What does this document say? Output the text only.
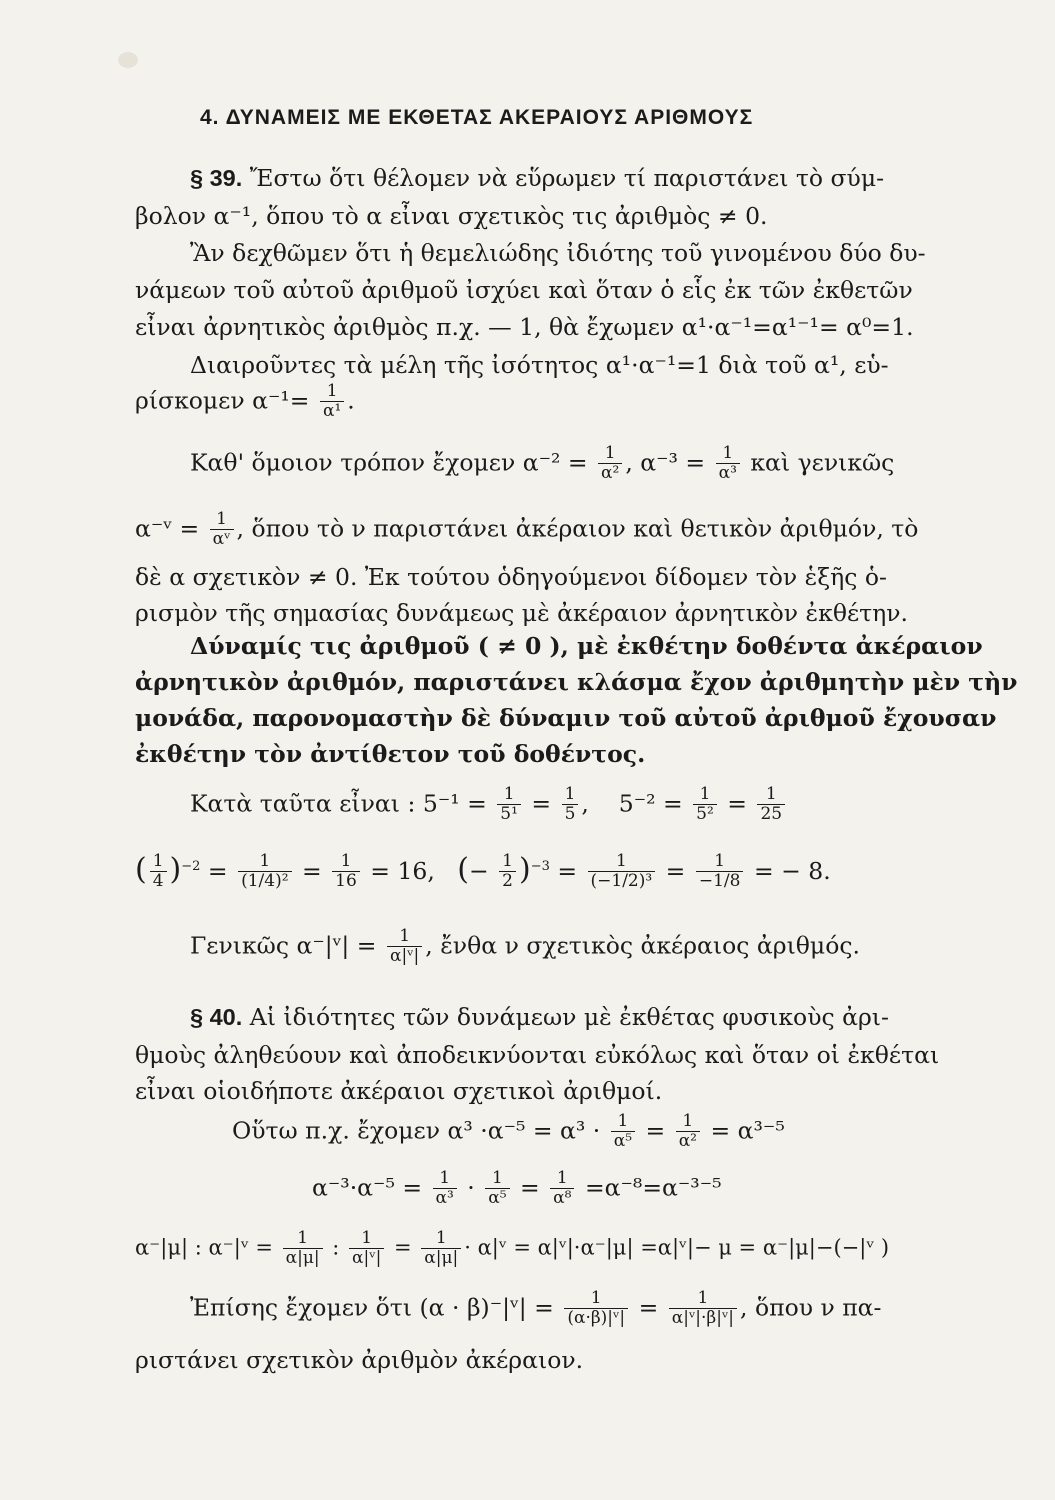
4. ΔΥΝΑΜΕΙΣ ΜΕ ΕΚΘΕΤΑΣ ΑΚΕΡΑΙΟΥΣ ΑΡΙΘΜΟΥΣ
§ 39. Ἔστω ὅτι θέλομεν νὰ εὕρωμεν τί παριστάνει τὸ σύμ-
βολον α⁻¹, ὅπου τὸ α εἶναι σχετικὸς τις ἀριθμὸς ≠ 0.
Ἂν δεχθῶμεν ὅτι ἡ θεμελιώδης ἰδιότης τοῦ γινομένου δύο δυ-
νάμεων τοῦ αὐτοῦ ἀριθμοῦ ἰσχύει καὶ ὅταν ὁ εἷς ἐκ τῶν ἐκθετῶν
εἶναι ἀρνητικὸς ἀριθμὸς π.χ. — 1, θὰ ἔχωμεν α¹·α⁻¹=α¹⁻¹= α⁰=1.
Διαιροῦντες τὰ μέλη τῆς ἰσότητος α¹·α⁻¹=1 διὰ τοῦ α¹, εὑ-
ρίσκομεν $\alpha^{-1}= \frac{1}{\text{α¹}}$ .
Καθ' ὅμοιον τρόπον ἔχομεν $\alpha^{-2} = \frac{1}{\text{α²}}$ , $\alpha^{-3} = \frac{1}{\text{α³}}$ καὶ γενικῶς
α⁻ᵛ = $\frac{1}{\text{αᵛ}}$ , ὅπου τὸ ν παριστάνει ἀκέραιον καὶ θετικὸν ἀριθμόν, τὸ
δὲ α σχετικὸν ≠ 0. Ἐκ τούτου ὁδηγούμενοι δίδομεν τὸν ἑξῆς ὁ-
ρισμὸν τῆς σημασίας δυνάμεως μὲ ἀκέραιον ἀρνητικὸν ἐκθέτην.
Δύναμίς τις ἀριθμοῦ ( ≠ 0 ), μὲ ἐκθέτην δοθέντα ἀκέραιον
ἀρνητικὸν ἀριθμόν, παριστάνει κλάσμα ἔχον ἀριθμητὴν μὲν τὴν
μονάδα, παρονομαστὴν δὲ δύναμιν τοῦ αὐτοῦ ἀριθμοῦ ἔχουσαν
ἐκθέτην τὸν ἀντίθετον τοῦ δοθέντος.
Κατὰ ταῦτα εἶναι : $5^{-1} = \frac{1}{\text{5¹}} = \frac{1}{5}$ ,    $5^{-2} = \frac{1}{\text{5²}} = \frac{1}{25}$
( $\frac{1}{4} )^{-2} = \frac{1}{\text{(1/4)²}} = \frac{1}{16} = 16$, (− $\frac{1}{2} )^{-3} = \frac{1}{\text{(−1/2)³}} = \frac{1}{-1/8}$ = − 8.
Γενικῶς α⁻|ᵛ| = $\frac{1}{\text{α|ᵛ|}}$ , ἔνθα ν σχετικὸς ἀκέραιος ἀριθμός.
§ 40. Αἱ ἰδιότητες τῶν δυνάμεων μὲ ἐκθέτας φυσικοὺς ἀρι-
θμοὺς ἀληθεύουν καὶ ἀποδεικνύονται εὐκόλως καὶ ὅταν οἱ ἐκθέται
εἶναι οἱοιδήποτε ἀκέραιοι σχετικοὶ ἀριθμοί.
Οὕτω π.χ. ἔχομεν $\alpha^3 \cdot\alpha^{-5} = \alpha^3 \cdot \frac{1}{\text{α⁵}} = \frac{1}{\text{α²}} = \alpha^{3-5}$
$\alpha^{-3}\cdot\alpha^{-5} = \frac{1}{\text{α³}} \cdot \frac{1}{\text{α⁵}} = \frac{1}{\text{α⁸}} =\alpha^{-8}=\alpha^{-3-5}$
α⁻|μ| : α⁻|ᵛ = $\frac{1}{\alpha|\mu|}$ : $\frac{1}{\text{α|ᵛ|}} = \frac{1}{\alpha|\mu|}$ · α|ᵛ = α|ᵛ|·α⁻|μ| =α|ᵛ|− μ = α⁻|μ|−(−|ᵛ )
Ἐπίσης ἔχομεν ὅτι (α · β)⁻|ᵛ| = $\frac{1}{\text{(α·β)|ᵛ|}} = \frac{1}{\text{α|ᵛ|·β|ᵛ|}}$ , ὅπου ν πα-
ριστάνει σχετικὸν ἀριθμὸν ἀκέραιον.
